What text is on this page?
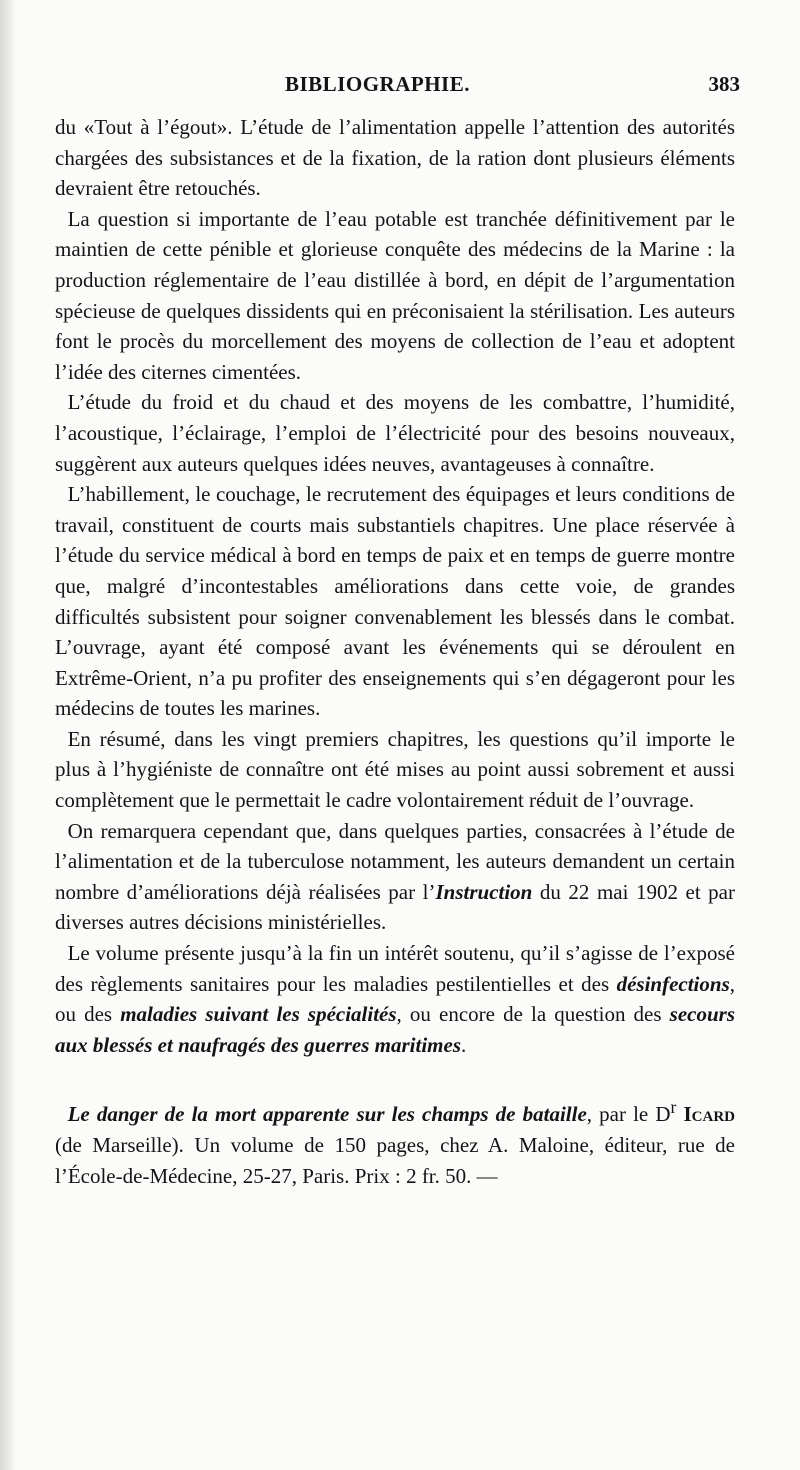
BIBLIOGRAPHIE.	383

du «Tout à l’égout». L’étude de l’alimentation appelle l’attention des autorités chargées des subsistances et de la fixation, de la ration dont plusieurs éléments devraient être retouchés.

La question si importante de l’eau potable est tranchée définitivement par le maintien de cette pénible et glorieuse conquête des médecins de la Marine : la production réglementaire de l’eau distillée à bord, en dépit de l’argumentation spécieuse de quelques dissidents qui en préconisaient la stérilisation. Les auteurs font le procès du morcellement des moyens de collection de l’eau et adoptent l’idée des citernes cimentées.

L’étude du froid et du chaud et des moyens de les combattre, l’humidité, l’acoustique, l’éclairage, l’emploi de l’électricité pour des besoins nouveaux, suggèrent aux auteurs quelques idées neuves, avantageuses à connaître.

L’habillement, le couchage, le recrutement des équipages et leurs conditions de travail, constituent de courts mais substantiels chapitres. Une place réservée à l’étude du service médical à bord en temps de paix et en temps de guerre montre que, malgré d’incontestables améliorations dans cette voie, de grandes difficultés subsistent pour soigner convenablement les blessés dans le combat. L’ouvrage, ayant été composé avant les événements qui se déroulent en Extrême-Orient, n’a pu profiter des enseignements qui s’en dégageront pour les médecins de toutes les marines.

En résumé, dans les vingt premiers chapitres, les questions qu’il importe le plus à l’hygiéniste de connaître ont été mises au point aussi sobrement et aussi complètement que le permettait le cadre volontairement réduit de l’ouvrage.

On remarquera cependant que, dans quelques parties, consacrées à l’étude de l’alimentation et de la tuberculose notamment, les auteurs demandent un certain nombre d’améliorations déjà réalisées par l’Instruction du 22 mai 1902 et par diverses autres décisions ministérielles.

Le volume présente jusqu’à la fin un intérêt soutenu, qu’il s’agisse de l’exposé des règlements sanitaires pour les maladies pestilentielles et des désinfections, ou des maladies suivant les spécialités, ou encore de la question des secours aux blessés et naufragés des guerres maritimes.

Le danger de la mort apparente sur les champs de bataille, par le $D^r$ Icard (de Marseille). Un volume de 150 pages, chez A. Maloine, éditeur, rue de l’École-de-Médecine, 25-27, Paris. Prix : 2 fr. 50. —
